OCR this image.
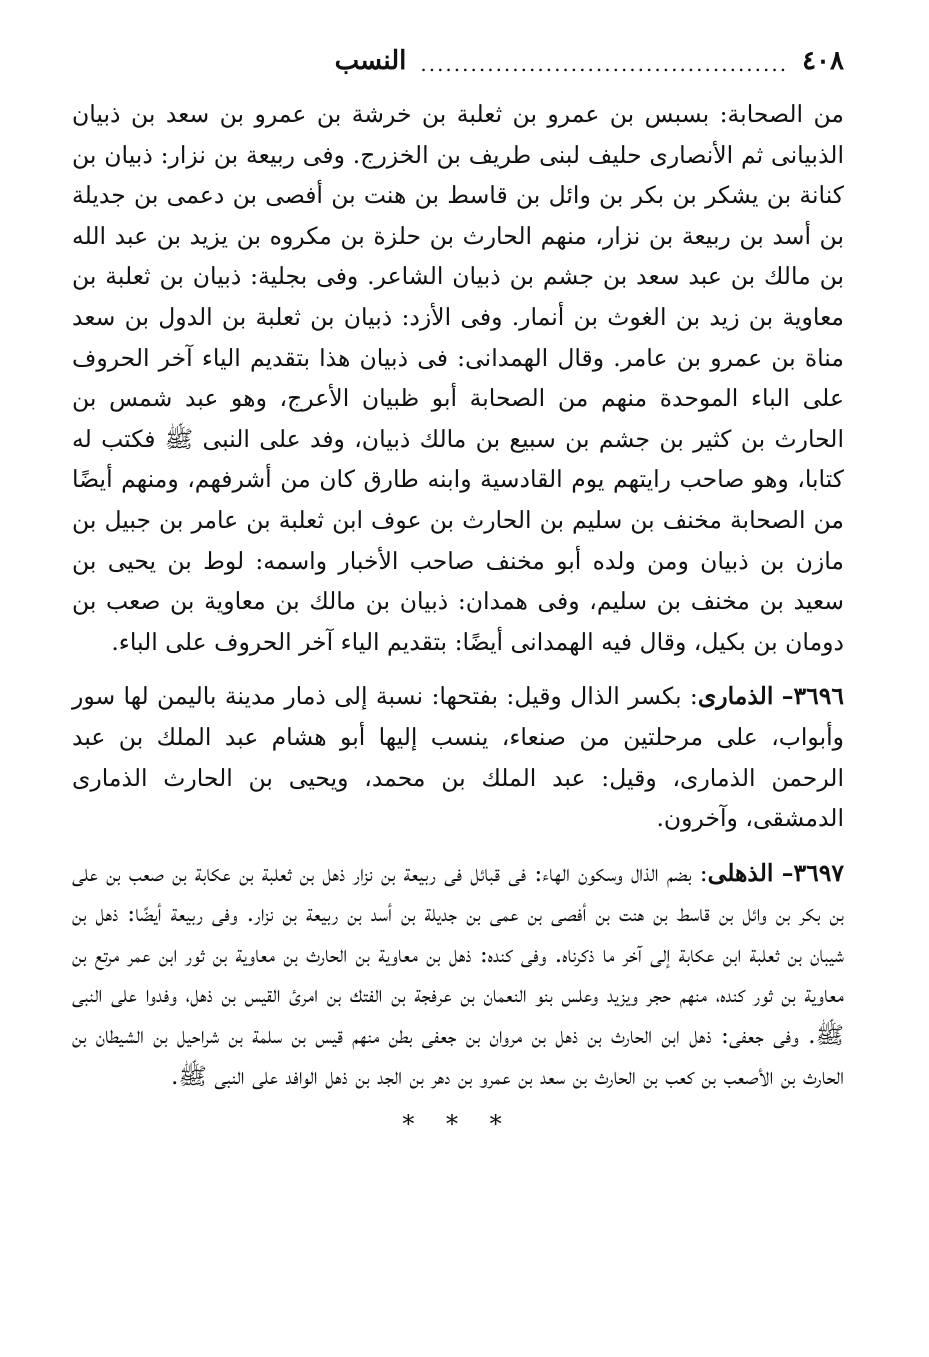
٤٠٨
............................................
النسب

من الصحابة: بسبس بن عمرو بن ثعلبة بن خرشة بن عمرو بن سعد بن ذبيان الذبيانى ثم الأنصارى حليف لبنى طريف بن الخزرج. وفى ربيعة بن نزار: ذبيان بن كنانة بن يشكر بن بكر بن وائل بن قاسط بن هنت بن أفصى بن دعمى بن جديلة بن أسد بن ربيعة بن نزار، منهم الحارث بن حلزة بن مكروه بن يزيد بن عبد الله بن مالك بن عبد سعد بن جشم بن ذبيان الشاعر. وفى بجلية: ذبيان بن ثعلبة بن معاوية بن زيد بن الغوث بن أنمار. وفى الأزد: ذبيان بن ثعلبة بن الدول بن سعد مناة بن عمرو بن عامر. وقال الهمدانى: فى ذبيان هذا بتقديم الياء آخر الحروف على الباء الموحدة منهم من الصحابة أبو ظبيان الأعرج، وهو عبد شمس بن الحارث بن كثير بن جشم بن سبيع بن مالك ذبيان، وفد على النبى ﷺ فكتب له كتابا، وهو صاحب رايتهم يوم القادسية وابنه طارق كان من أشرفهم، ومنهم أيضًا من الصحابة مخنف بن سليم بن الحارث بن عوف ابن ثعلبة بن عامر بن جبيل بن مازن بن ذبيان ومن ولده أبو مخنف صاحب الأخبار واسمه: لوط بن يحيى بن سعيد بن مخنف بن سليم، وفى همدان: ذبيان بن مالك بن معاوية بن صعب بن دومان بن بكيل، وقال فيه الهمدانى أيضًا: بتقديم الياء آخر الحروف على الباء.

٣٦٩٦– الذمارى: بكسر الذال وقيل: بفتحها: نسبة إلى ذمار مدينة باليمن لها سور وأبواب، على مرحلتين من صنعاء، ينسب إليها أبو هشام عبد الملك بن عبد الرحمن الذمارى، وقيل: عبد الملك بن محمد، ويحيى بن الحارث الذمارى الدمشقى، وآخرون.

٣٦٩٧– الذهلى: بضم الذال وسكون الهاء: فى قبائل فى ربيعة بن نزار ذهل بن ثعلبة بن عكابة بن صعب بن على بن بكر بن وائل بن قاسط بن هنت بن أفصى بن عمى بن جديلة بن أسد بن ربيعة بن نزار. وفى ربيعة أيضًا: ذهل بن شيبان بن ثعلبة ابن عكابة إلى آخر ما ذكرناه. وفى كنده: ذهل بن معاوية بن الحارث بن معاوية بن ثور ابن عمر مرتع بن معاوية بن ثور كنده، منهم حجر ويزيد وعلس بنو النعمان بن عرفجة بن الفتك بن امرئ القيس بن ذهل، وفدوا على النبى ﷺ. وفى جعفى: ذهل ابن الحارث بن ذهل بن مروان بن جعفى بطن منهم قيس بن سلمة بن شراحيل بن الشيطان بن الحارث بن الأصعب بن كعب بن الحارث بن سعد بن عمرو بن دهر بن الجد بن ذهل الوافد على النبى ﷺ.

* * *
